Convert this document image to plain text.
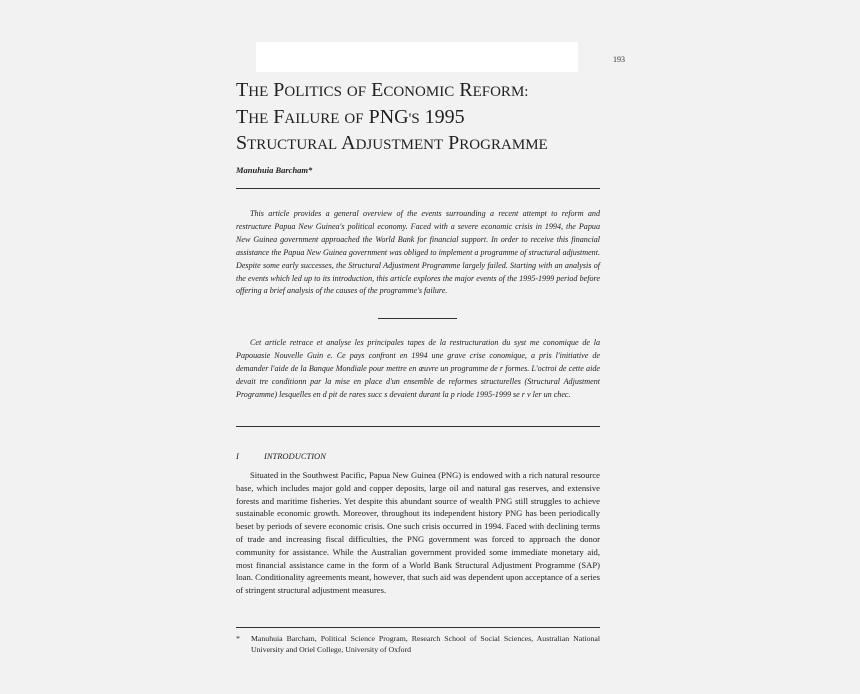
193
THE POLITICS OF ECONOMIC REFORM:
THE FAILURE OF PNG'S 1995
STRUCTURAL ADJUSTMENT PROGRAMME
Manuhuia Barcham*

This article provides a general overview of the events surrounding a recent attempt to reform and restructure Papua New Guinea's political economy. Faced with a severe economic crisis in 1994, the Papua New Guinea government approached the World Bank for financial support. In order to receive this financial assistance the Papua New Guinea government was obliged to implement a programme of structural adjustment. Despite some early successes, the Structural Adjustment Programme largely failed. Starting with an analysis of the events which led up to its introduction, this article explores the major events of the 1995-1999 period before offering a brief analysis of the causes of the programme's failure.

Cet article retrace et analyse les principales tapes de la restructuration du syst me conomique de la Papouasie Nouvelle Guin e. Ce pays confront en 1994 une grave crise conomique, a pris l'initiative de demander l'aide de la Banque Mondiale pour mettre en œuvre un programme de r formes. L'octroi de cette aide devait tre conditionn par la mise en place d'un ensemble de reformes structurelles (Structural Adjustment Programme) lesquelles en d pit de rares succ s devaient durant la p riode 1995-1999 se r v ler un chec.

I	INTRODUCTION

Situated in the Southwest Pacific, Papua New Guinea (PNG) is endowed with a rich natural resource base, which includes major gold and copper deposits, large oil and natural gas reserves, and extensive forests and maritime fisheries. Yet despite this abundant source of wealth PNG still struggles to achieve sustainable economic growth. Moreover, throughout its independent history PNG has been periodically beset by periods of severe economic crisis. One such crisis occurred in 1994. Faced with declining terms of trade and increasing fiscal difficulties, the PNG government was forced to approach the donor community for assistance. While the Australian government provided some immediate monetary aid, most financial assistance came in the form of a World Bank Structural Adjustment Programme (SAP) loan. Conditionality agreements meant, however, that such aid was dependent upon acceptance of a series of stringent structural adjustment measures.

* Manuhuia Barcham, Political Science Program, Research School of Social Sciences, Australian National University and Oriel College, University of Oxford
